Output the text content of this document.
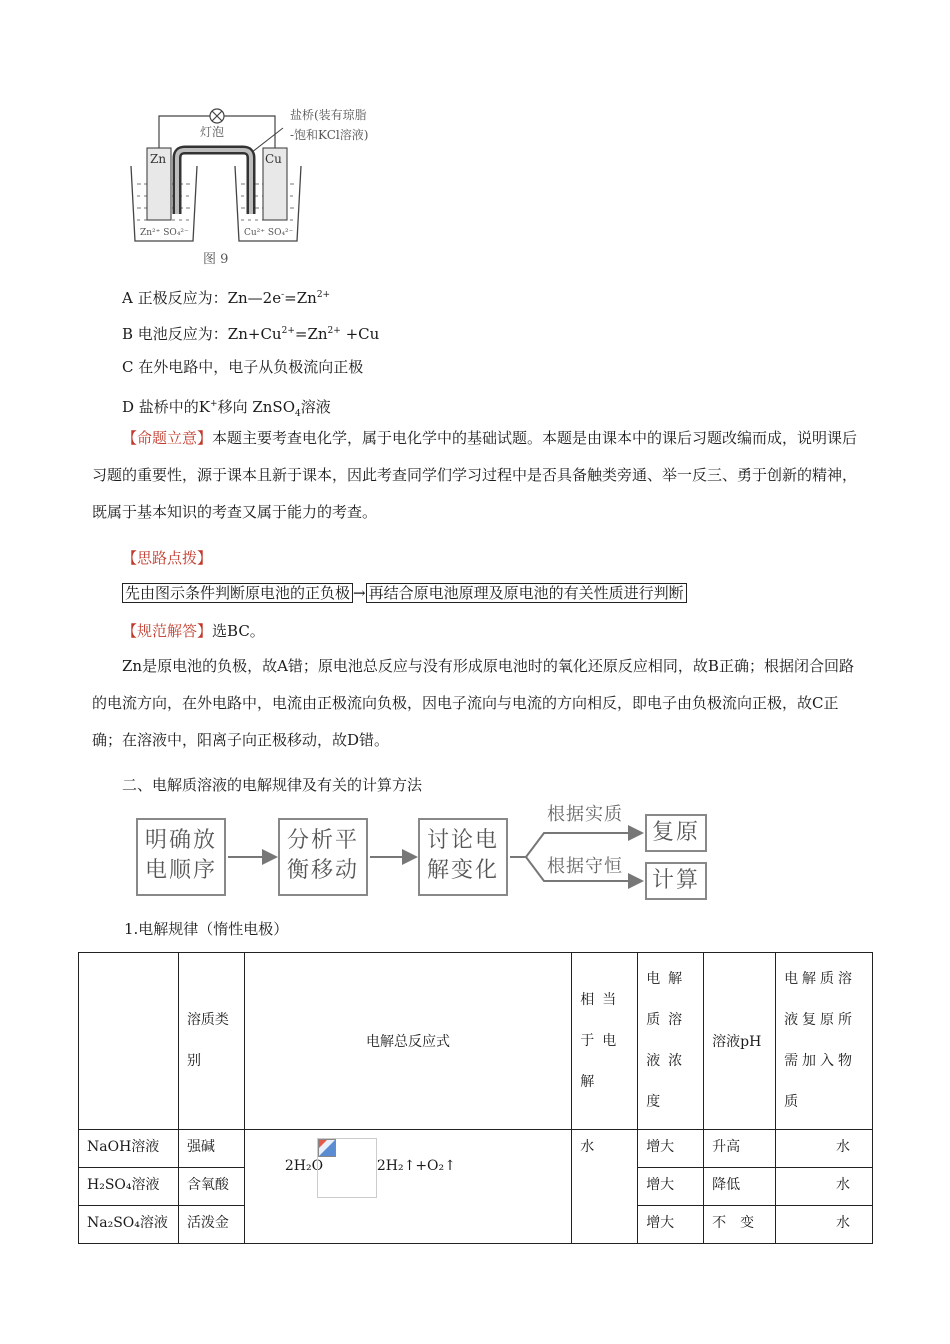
灯泡
盐桥(装有琼脂
-饱和KCl溶液)
Zn	Cu
Zn²⁺ SO₄²⁻	Cu²⁺ SO₄²⁻
图 9
A 正极反应为：$Zn—2e^-=Zn^{2+}$
B 电池反应为：$Zn+Cu^{2+}=Zn^{2+} +Cu$
C 在外电路中，电子从负极流向正极
D 盐桥中的K+移向 ZnSO$_4$溶液
【命题立意】本题主要考查电化学，属于电化学中的基础试题。本题是由课本中的课后习题改编而成，说明课后习题的重要性，源于课本且新于课本，因此考查同学们学习过程中是否具备触类旁通、举一反三、勇于创新的精神，既属于基本知识的考查又属于能力的考查。
【思路点拨】
先由图示条件判断原电池的正负极 → 再结合原电池原理及原电池的有关性质进行判断
【规范解答】选BC。
Zn是原电池的负极，故A错；原电池总反应与没有形成原电池时的氧化还原反应相同，故B正确；根据闭合回路的电流方向，在外电路中，电流由正极流向负极，因电子流向与电流的方向相反，即电子由负极流向正极，故C正确；在溶液中，阳离子向正极移动，故D错。
二、电解质溶液的电解规律及有关的计算方法
明确放
电顺序
分析平
衡移动
讨论电
解变化
复原
计算
根据实质
根据守恒
1.电解规律（惰性电极）
	溶质类别	电解总反应式	相当于电解	电解质溶液浓度	溶液pH	电解质溶液复原所需加入物质
NaOH溶液	强碱	2H₂O 2H₂↑+O₂↑	水	增大	升高	水
H₂SO₄溶液	含氧酸			增大	降低	水
Na₂SO₄溶液	活泼金			增大	不　变	水
